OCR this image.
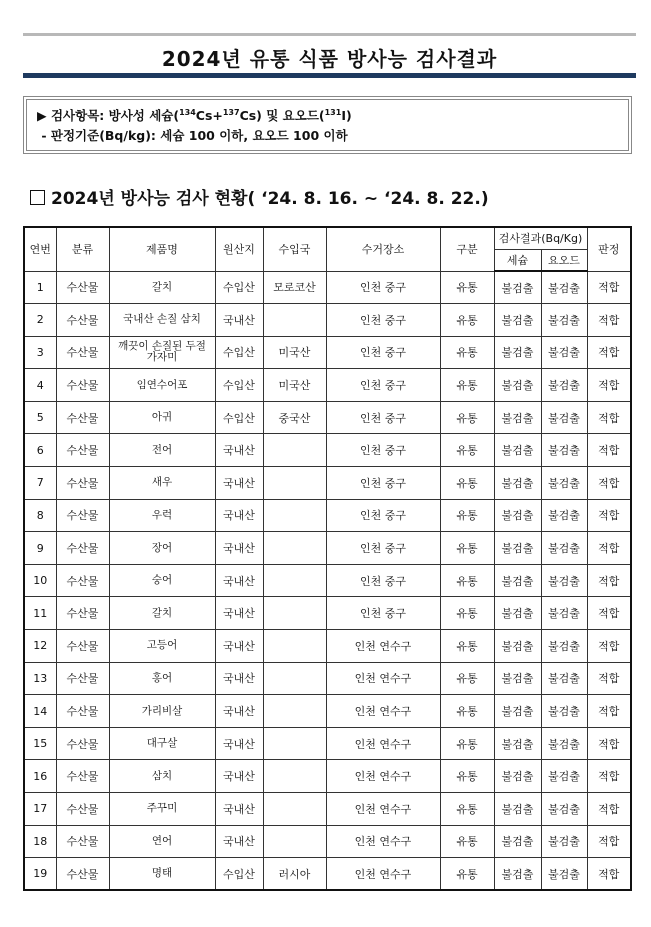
2024년 유통 식품 방사능 검사결과
▶ 검사항목: 방사성 세슘($^{134}$Cs+$^{137}$Cs) 및 요오드($^{131}$I)
- 판정기준(Bq/kg): 세슘 100 이하, 요오드 100 이하
2024년 방사능 검사 현황( ‘24. 8. 16. ~ ‘24. 8. 22.)
연번	분류	제품명	원산지	수입국	수거장소	구분	검사결과(Bq/Kg)		판정
							세슘	요오드	
1	수산물	갈치	수입산	모로코산	인천 중구	유통	불검출	불검출	적합
2	수산물	국내산 손질 삼치	국내산		인천 중구	유통	불검출	불검출	적합
3	수산물	깨끗이 손질된 두절 가자미	수입산	미국산	인천 중구	유통	불검출	불검출	적합
4	수산물	임연수어포	수입산	미국산	인천 중구	유통	불검출	불검출	적합
5	수산물	아귀	수입산	중국산	인천 중구	유통	불검출	불검출	적합
6	수산물	전어	국내산		인천 중구	유통	불검출	불검출	적합
7	수산물	새우	국내산		인천 중구	유통	불검출	불검출	적합
8	수산물	우럭	국내산		인천 중구	유통	불검출	불검출	적합
9	수산물	장어	국내산		인천 중구	유통	불검출	불검출	적합
10	수산물	숭어	국내산		인천 중구	유통	불검출	불검출	적합
11	수산물	갈치	국내산		인천 중구	유통	불검출	불검출	적합
12	수산물	고등어	국내산		인천 연수구	유통	불검출	불검출	적합
13	수산물	홍어	국내산		인천 연수구	유통	불검출	불검출	적합
14	수산물	가리비살	국내산		인천 연수구	유통	불검출	불검출	적합
15	수산물	대구살	국내산		인천 연수구	유통	불검출	불검출	적합
16	수산물	삼치	국내산		인천 연수구	유통	불검출	불검출	적합
17	수산물	주꾸미	국내산		인천 연수구	유통	불검출	불검출	적합
18	수산물	연어	국내산		인천 연수구	유통	불검출	불검출	적합
19	수산물	명태	수입산	러시아	인천 연수구	유통	불검출	불검출	적합
